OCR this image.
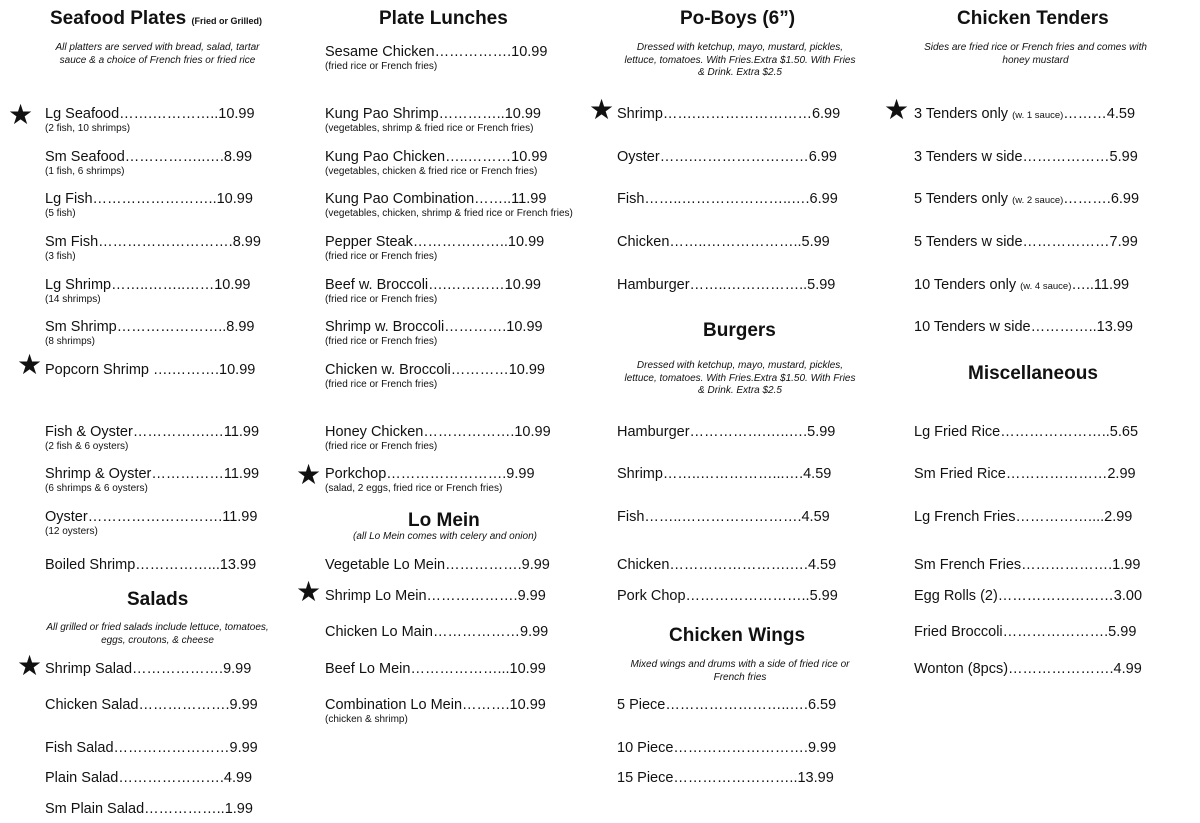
Seafood Plates (Fried or Grilled)
All platters are served with bread, salad, tartar sauce & a choice of French fries or fried rice
★ Lg Seafood…….…………..10.99
(2 fish, 10 shrimps)
Sm Seafood……………..….8.99
(1 fish, 6 shrimps)
Lg Fish……………………..10.99
(5 fish)
Sm Fish……………………….8.99
(3 fish)
Lg Shrimp……..……..……10.99
(14 shrimps)
Sm Shrimp…………………..8.99
(8 shrimps)
★ Popcorn Shrimp ….……….10.99
Fish & Oyster…………….…11.99
(2 fish & 6 oysters)
Shrimp & Oyster……………11.99
(6 shrimps & 6 oysters)
Oyster……………………….11.99
(12 oysters)
Boiled Shrimp……………...13.99
Salads
All grilled or fried salads include lettuce, tomatoes, eggs, croutons, & cheese
★ Shrimp Salad……………….9.99
Chicken Salad……………….9.99
Fish Salad……………………9.99
Plain Salad………………….4.99
Sm Plain Salad……………..1.99
Plate Lunches
Sesame Chicken…………….10.99
(fried rice or French fries)
Kung Pao Shrimp…………..10.99
(vegetables, shrimp & fried rice or French fries)
Kung Pao Chicken…..………10.99
(vegetables, chicken & fried rice or French fries)
Kung Pao Combination……..11.99
(vegetables, chicken, shrimp & fried rice or French fries)
Pepper Steak………………..10.99
(fried rice or French fries)
Beef w. Broccoli….…………10.99
(fried rice or French fries)
Shrimp w. Broccoli………….10.99
(fried rice or French fries)
Chicken w. Broccoli…………10.99
(fried rice or French fries)
Honey Chicken……………….10.99
(fried rice or French fries)
★ Porkchop…………………….9.99
(salad, 2 eggs, fried rice or French fries)
Lo Mein
(all Lo Mein comes with celery and onion)
Vegetable Lo Mein…………….9.99
★ Shrimp Lo Mein……………….9.99
Chicken Lo Main………………9.99
Beef Lo Mein………………...10.99
Combination Lo Mein……….10.99
(chicken & shrimp)
Po-Boys (6”)
Dressed with ketchup, mayo, mustard, pickles, lettuce, tomatoes. With Fries.Extra $1.50. With Fries & Drink. Extra $2.5
★ Shrimp…….……………………6.99
Oyster…….……………………6.99
Fish……..…………………..….6.99
Chicken……..………………..5.99
Hamburger……..……………..5.99
Burgers
Dressed with ketchup, mayo, mustard, pickles, lettuce, tomatoes. With Fries.Extra $1.50. With Fries & Drink. Extra $2.5
Hamburger…………….…..….5.99
Shrimp……..……………...….4.59
Fish……..…………………….4.59
Chicken…………………….….4.59
Pork Chop……………………..5.99
Chicken Wings
Mixed wings and drums with a side of fried rice or French fries
5 Piece……………………..….6.59
10 Piece……………………….9.99
15 Piece……………………..13.99
Chicken Tenders
Sides are fried rice or French fries and comes with honey mustard
★ 3 Tenders only (w. 1 sauce)………4.59
3 Tenders w side………………5.99
5 Tenders only (w. 2 sauce)……….6.99
5 Tenders w side………………7.99
10 Tenders only (w. 4 sauce)…..11.99
10 Tenders w side…………..13.99
Miscellaneous
Lg Fried Rice…………………..5.65
Sm Fried Rice…………………2.99
Lg French Fries……………....2.99
Sm French Fries……………….1.99
Egg Rolls (2)……………………3.00
Fried Broccoli………………….5.99
Wonton (8pcs)………………….4.99
